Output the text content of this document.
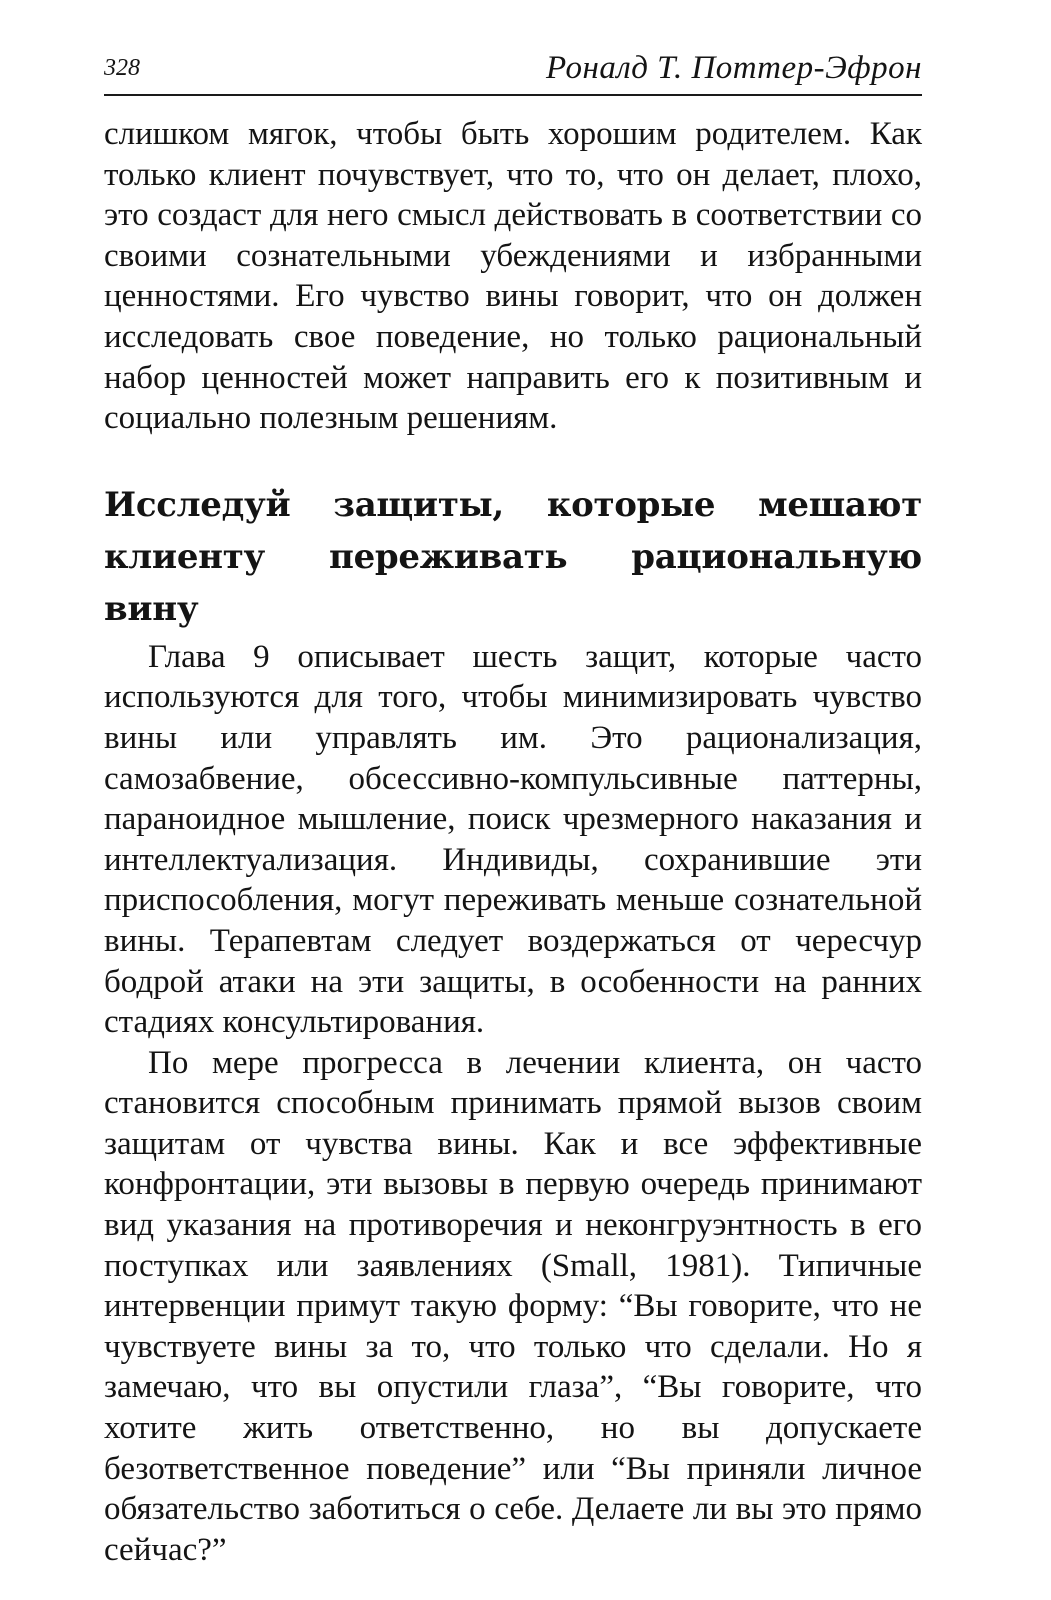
328	Роналд Т. Поттер-Эфрон

слишком мягок, чтобы быть хорошим родителем. Как только клиент почувствует, что то, что он делает, плохо, это создаст для него смысл действовать в соответствии со своими сознательными убеждениями и избранными ценностями. Его чувство вины говорит, что он должен исследовать свое поведение, но только рациональный набор ценностей может направить его к позитивным и социально полезным решениям.

Исследуй защиты, которые мешают клиенту переживать рациональную вину

Глава 9 описывает шесть защит, которые часто используются для того, чтобы минимизировать чувство вины или управлять им. Это рационализация, самозабвение, обсессивно-компульсивные паттерны, параноидное мышление, поиск чрезмерного наказания и интеллектуализация. Индивиды, сохранившие эти приспособления, могут переживать меньше сознательной вины. Терапевтам следует воздержаться от чересчур бодрой атаки на эти защиты, в особенности на ранних стадиях консультирования.

По мере прогресса в лечении клиента, он часто становится способным принимать прямой вызов своим защитам от чувства вины. Как и все эффективные конфронтации, эти вызовы в первую очередь принимают вид указания на противоречия и неконгруэнтность в его поступках или заявлениях (Small, 1981). Типичные интервенции примут такую форму: “Вы говорите, что не чувствуете вины за то, что только что сделали. Но я замечаю, что вы опустили глаза”, “Вы говорите, что хотите жить ответственно, но вы допускаете безответственное поведение” или “Вы приняли личное обязательство заботиться о себе. Делаете ли вы это прямо сейчас?”
